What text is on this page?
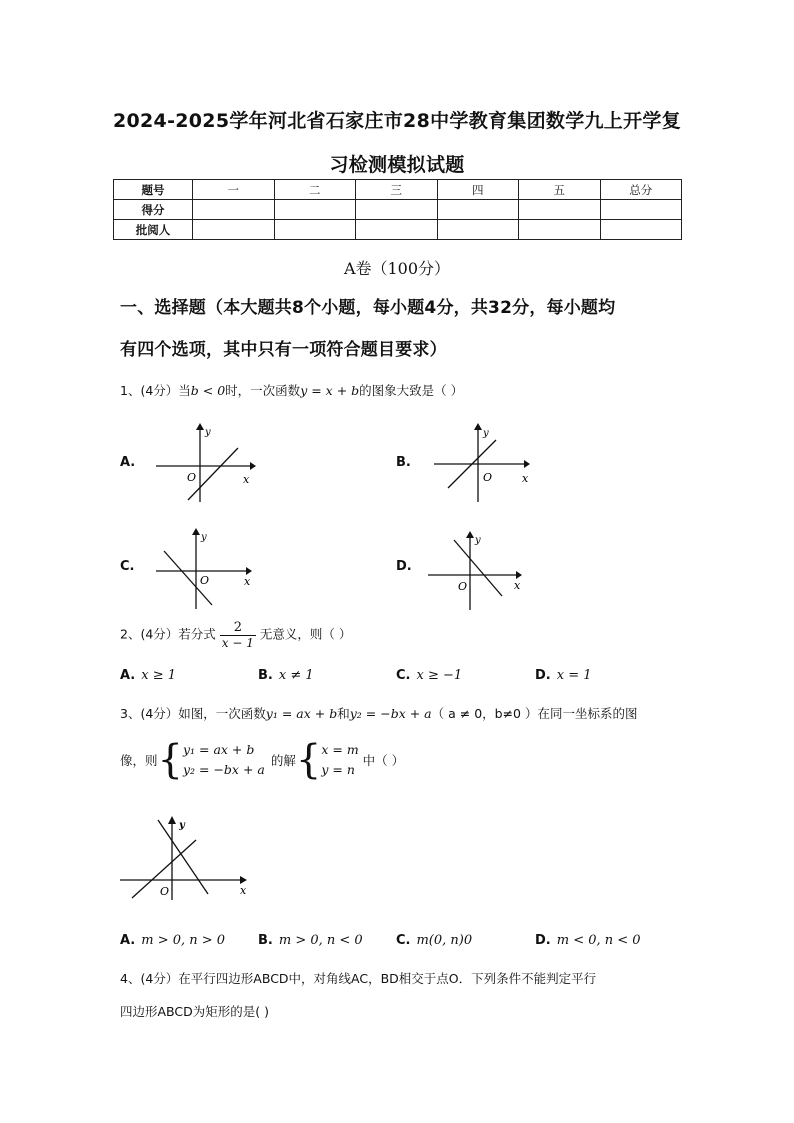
2024-2025学年河北省石家庄市28中学教育集团数学九上开学复
习检测模拟试题
题号	一	二	三	四	五	总分
得分						
批阅人						
A卷（100分）
一、选择题（本大题共8个小题，每小题4分，共32分，每小题均
有四个选项，其中只有一项符合题目要求）
1、(4分）当b < 0时，一次函数y = x + b的图象大致是（ ）
A.
y
x
O
B.
y
x
O
C.
y
x
O
D.
y
x
O
2、(4分）若分式 $\frac{2}{x - 1}$ 无意义，则（ ）
A. x ≥ 1	B. x ≠ 1	C. x ≥ −1	D. x = 1
3、(4分）如图，一次函数y₁ = ax + b和y₂ = −bx + a（ a ≠ 0，b≠0 ）在同一坐标系的图
像，则 { y₁ = ax + b
y₂ = −bx + a
的解 { x = m
y = n
中（ ）
y
x
O
A. m > 0, n > 0	B. m > 0, n < 0	C. m(0, n)0	D. m < 0, n < 0
4、(4分）在平行四边形ABCD中，对角线AC，BD相交于点O．下列条件不能判定平行
四边形ABCD为矩形的是( )
